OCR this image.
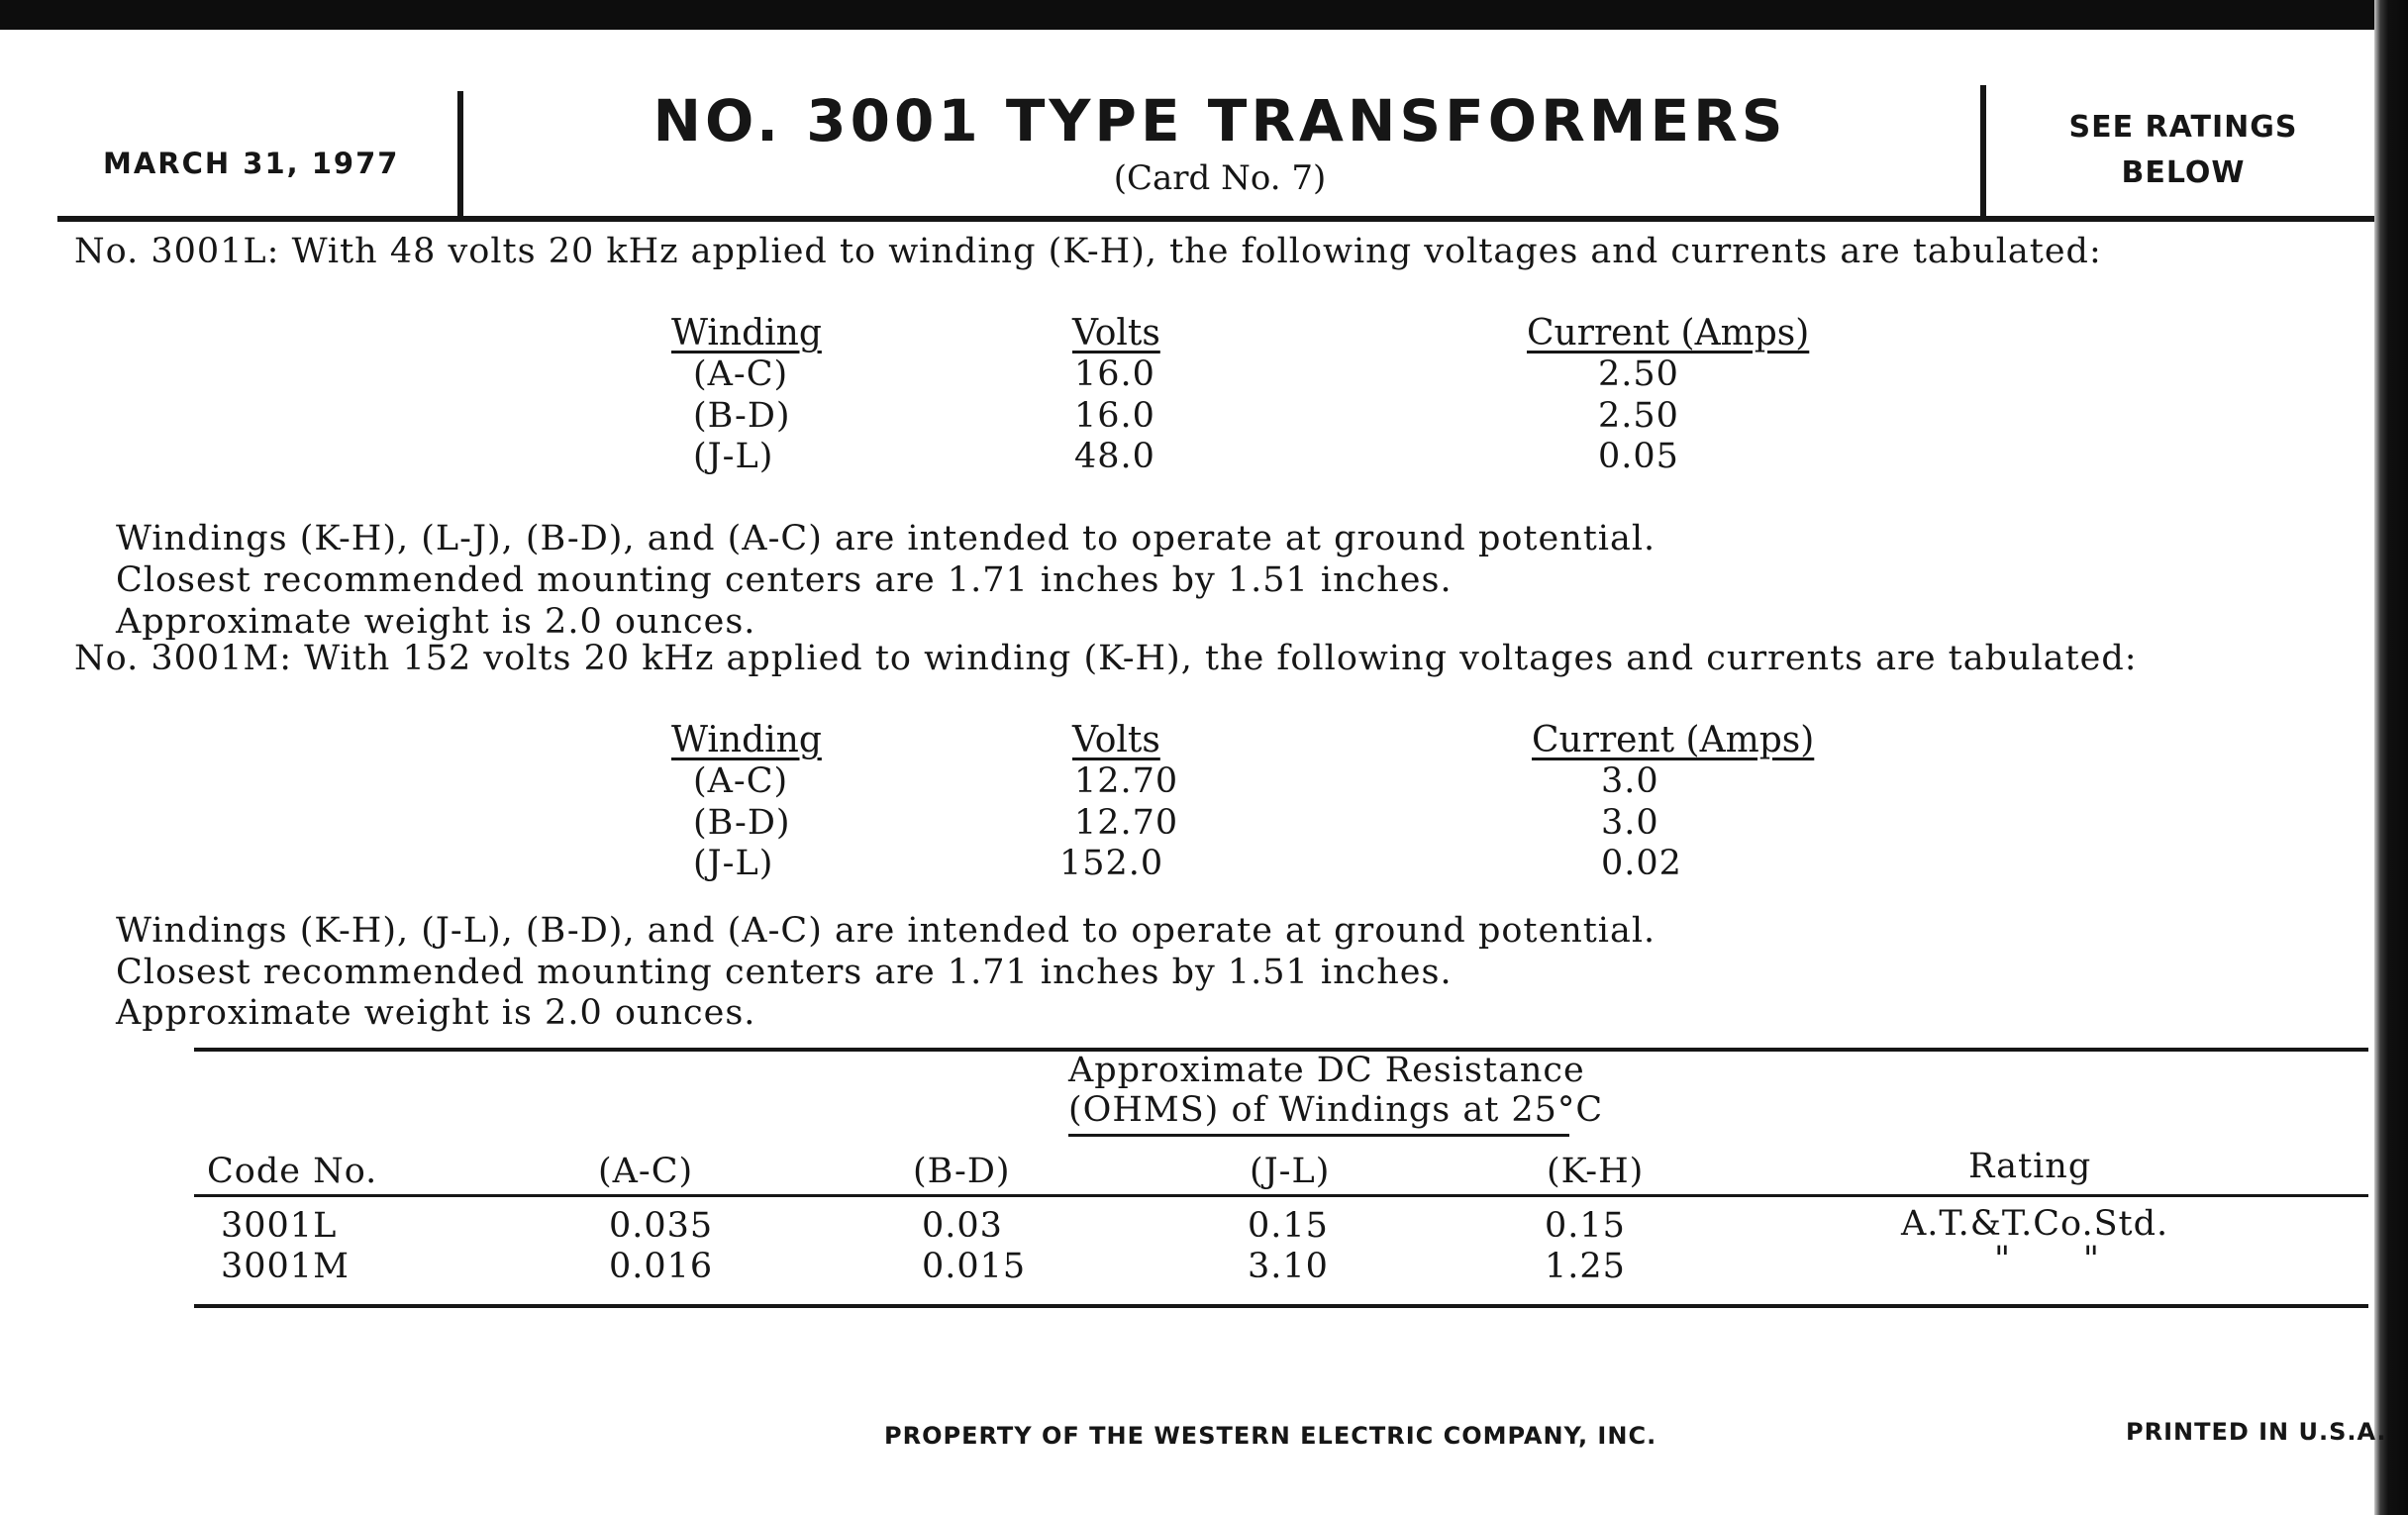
MARCH 31, 1977
NO. 3001 TYPE TRANSFORMERS
(Card No. 7)
SEE RATINGS
BELOW
No. 3001L: With 48 volts 20 kHz applied to winding (K-H), the following voltages and currents are tabulated:
Winding	Volts	Current (Amps)
(A-C)	16.0	2.50
(B-D)	16.0	2.50
(J-L)	48.0	0.05
Windings (K-H), (L-J), (B-D), and (A-C) are intended to operate at ground potential.
Closest recommended mounting centers are 1.71 inches by 1.51 inches.
Approximate weight is 2.0 ounces.
No. 3001M: With 152 volts 20 kHz applied to winding (K-H), the following voltages and currents are tabulated:
Winding	Volts	Current (Amps)
(A-C)	12.70	3.0
(B-D)	12.70	3.0
(J-L)	152.0	0.02
Windings (K-H), (J-L), (B-D), and (A-C) are intended to operate at ground potential.
Closest recommended mounting centers are 1.71 inches by 1.51 inches.
Approximate weight is 2.0 ounces.
Approximate DC Resistance
(OHMS) of Windings at 25°C
Code No.	(A-C)	(B-D)	(J-L)	(K-H)	Rating
3001L	0.035	0.03	0.15	0.15	A.T.&T.Co.Std.
3001M	0.016	0.015	3.10	1.25	"      "
PROPERTY OF THE WESTERN ELECTRIC COMPANY, INC.	PRINTED IN U.S.A.
